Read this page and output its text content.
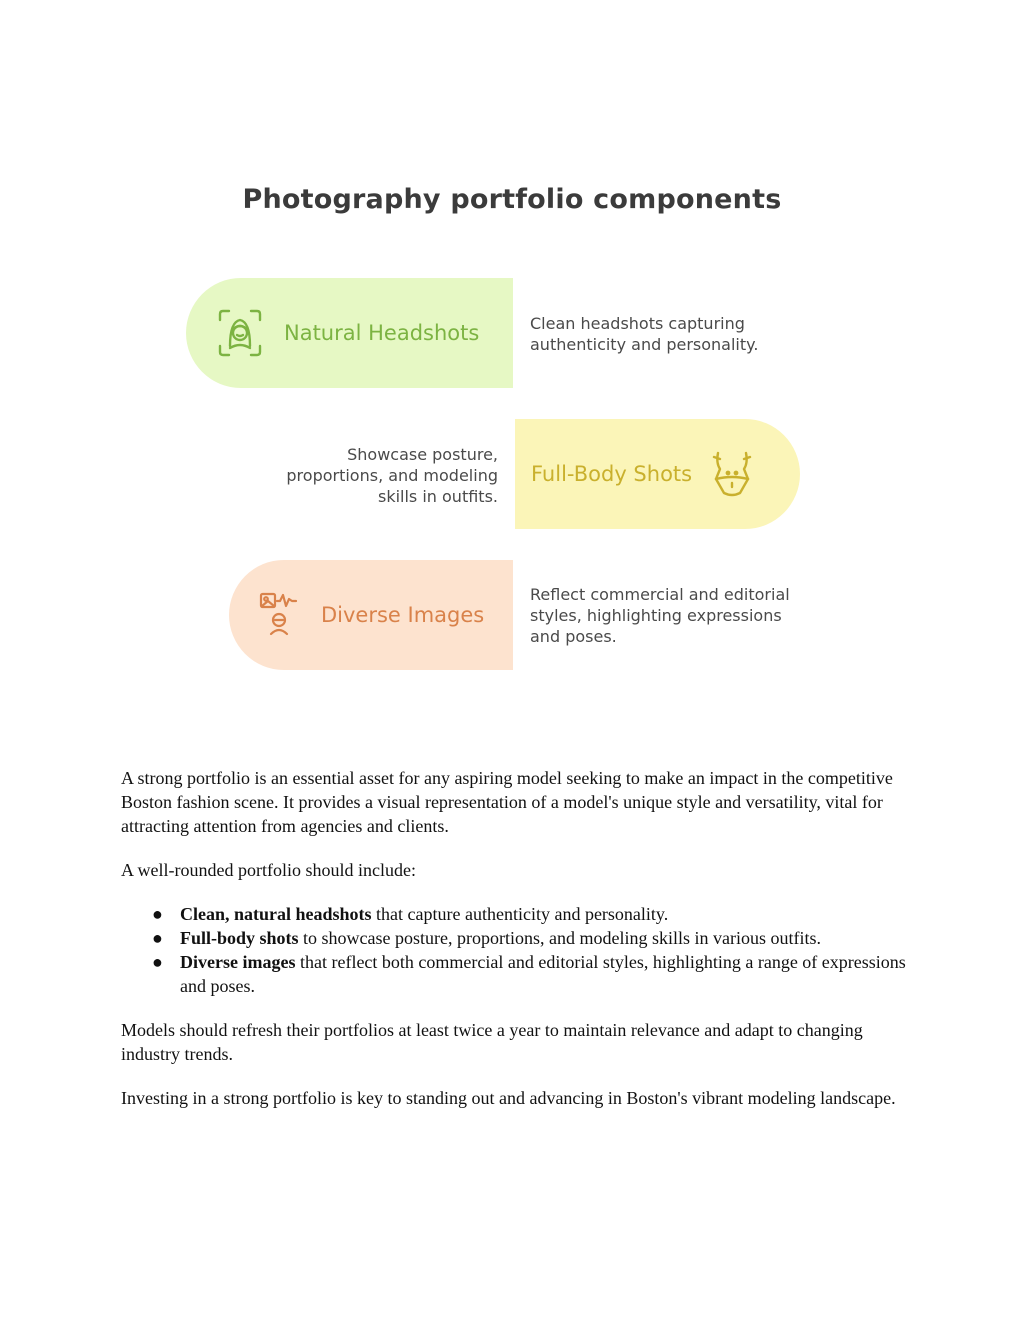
Photography portfolio components
Natural Headshots	Clean headshots capturing authenticity and personality.
Showcase posture, proportions, and modeling skills in outfits.
Full-Body Shots
Diverse Images
Reflect commercial and editorial styles, highlighting expressions and poses.

A strong portfolio is an essential asset for any aspiring model seeking to make an impact in the competitive Boston fashion scene. It provides a visual representation of a model's unique style and versatility, vital for attracting attention from agencies and clients.

A well-rounded portfolio should include:

● Clean, natural headshots that capture authenticity and personality.
● Full-body shots to showcase posture, proportions, and modeling skills in various outfits.
● Diverse images that reflect both commercial and editorial styles, highlighting a range of expressions and poses.

Models should refresh their portfolios at least twice a year to maintain relevance and adapt to changing industry trends.

Investing in a strong portfolio is key to standing out and advancing in Boston's vibrant modeling landscape.
